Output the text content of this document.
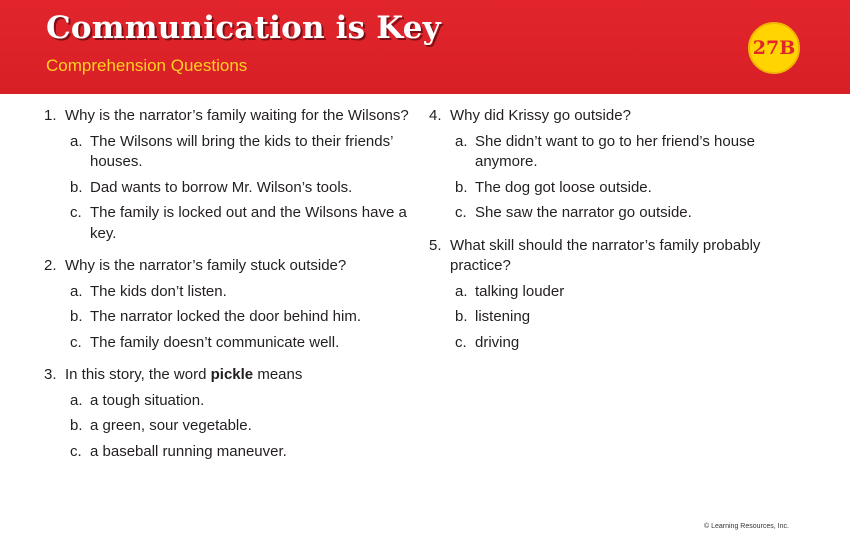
Communication is Key
Comprehension Questions
27B
1. Why is the narrator’s family waiting for the Wilsons?
a. The Wilsons will bring the kids to their friends’ houses.
b. Dad wants to borrow Mr. Wilson’s tools.
c. The family is locked out and the Wilsons have a key.
2. Why is the narrator’s family stuck outside?
a. The kids don’t listen.
b. The narrator locked the door behind him.
c. The family doesn’t communicate well.
3. In this story, the word pickle means
a. a tough situation.
b. a green, sour vegetable.
c. a baseball running maneuver.
4. Why did Krissy go outside?
a. She didn’t want to go to her friend’s house anymore.
b. The dog got loose outside.
c. She saw the narrator go outside.
5. What skill should the narrator’s family probably practice?
a. talking louder
b. listening
c. driving
© Learning Resources, Inc.
